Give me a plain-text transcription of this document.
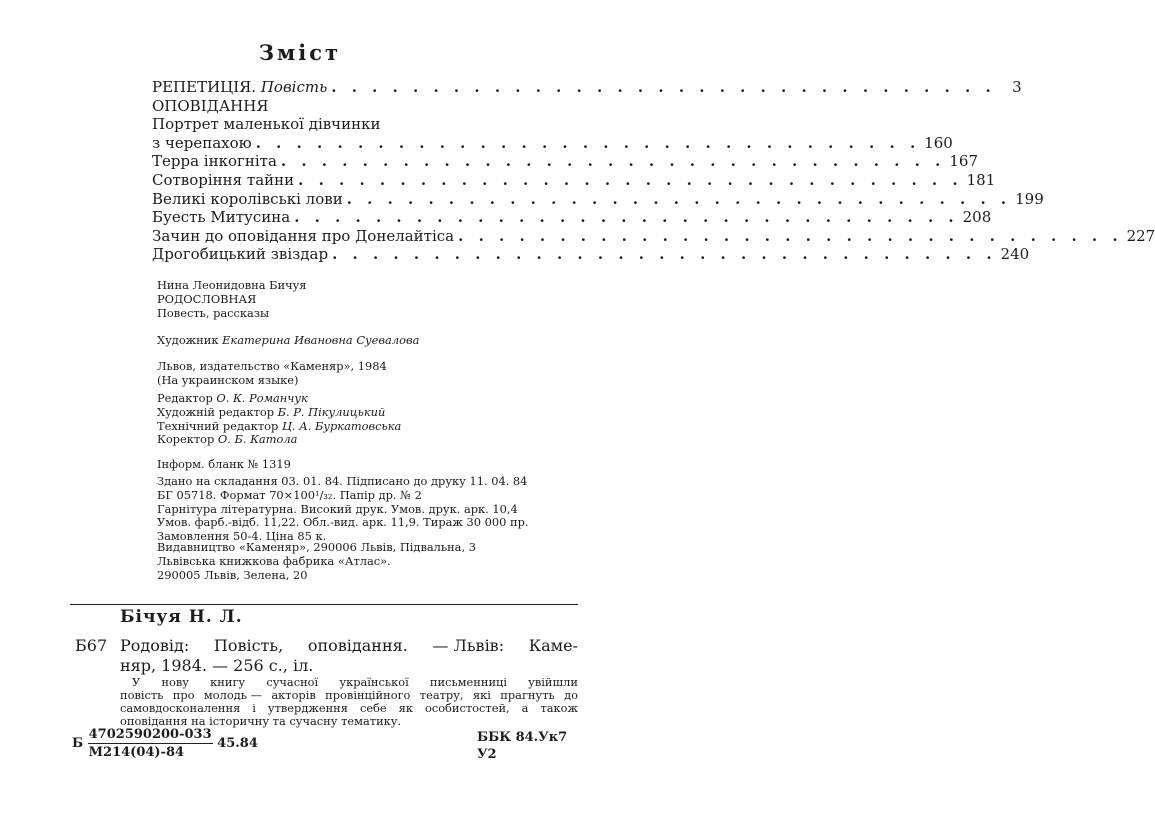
Зміст
РЕПЕТИЦІЯ. Повість . . . . . . . . . . . . . . . . . . . . . . . . . . . . . . . . .	3
ОПОВІДАННЯ
Портрет маленької дівчинки
з черепахою . . . . . . . . . . . . . . . . . . . . . . . . . . . . . . . . . 160
Терра інкогніта . . . . . . . . . . . . . . . . . . . . . . . . . . . . . . . . . 167
Сотворіння тайни . . . . . . . . . . . . . . . . . . . . . . . . . . . . . . . . . 181
Великі королівські лови . . . . . . . . . . . . . . . . . . . . . . . . . . . . . . . . . 199
Буесть Митусина . . . . . . . . . . . . . . . . . . . . . . . . . . . . . . . . . 208
Зачин до оповідання про Донелайтіса . . . . . . . . . . . . . . . . . . . . . . . . . . . . . . . . . 227
Дрогобицький звіздар . . . . . . . . . . . . . . . . . . . . . . . . . . . . . . . . . 240
Нина Леонидовна Бичуя
РОДОСЛОВНАЯ
Повесть, рассказы
Художник Екатерина Ивановна Суевалова
Львов, издательство «Каменяр», 1984
(На украинском языке)
Редактор О. К. Романчук
Художній редактор Б. Р. Пікулицький
Технічний редактор Ц. А. Буркатовська
Коректор О. Б. Катола
Інформ. бланк № 1319
Здано на складання 03. 01. 84. Підписано до друку 11. 04. 84
БГ 05718. Формат 70×100¹/₃₂. Папір др. № 2
Гарнітура літературна. Високий друк. Умов. друк. арк. 10,4
Умов. фарб.-відб. 11,22. Обл.-вид. арк. 11,9. Тираж 30 000 пр.
Замовлення 50-4. Ціна 85 к.
Видавництво «Каменяр», 290006 Львів, Підвальна, 3
Львівська книжкова фабрика «Атлас».
290005 Львів, Зелена, 20
Бічуя Н. Л.
Б67 Родовід: Повість, оповідання. — Львів: Каме-
няр, 1984. — 256 с., іл.
У нову книгу сучасної української письменниці увійшли
повість про молодь — акторів провінційного театру, які прагнуть до
самовдосконалення і утвердження себе як особистостей, а також
оповідання на історичну та сучасну тематику.
Б $\frac{4702590200-033}{М214(04)-84} 45.84$	ББК 84.Ук7
У2
